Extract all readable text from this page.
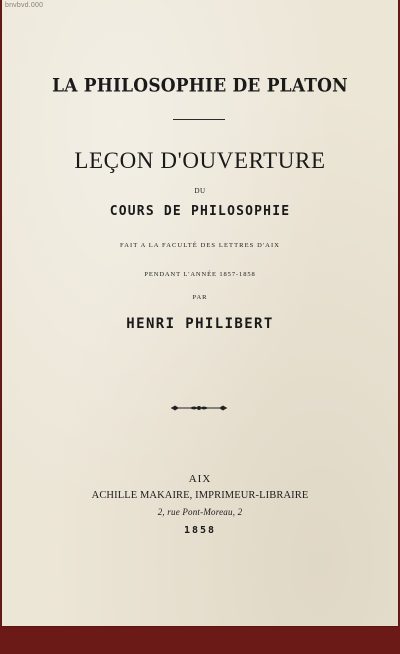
bnvbvd.000
LA PHILOSOPHIE DE PLATON
LEÇON D'OUVERTURE
DU
COURS DE PHILOSOPHIE
FAIT A LA FACULTÉ DES LETTRES D'AIX
PENDANT L'ANNÉE 1857-1858
PAR
HENRI PHILIBERT
AIX
ACHILLE MAKAIRE, IMPRIMEUR-LIBRAIRE
2, rue Pont-Moreau, 2
1858
